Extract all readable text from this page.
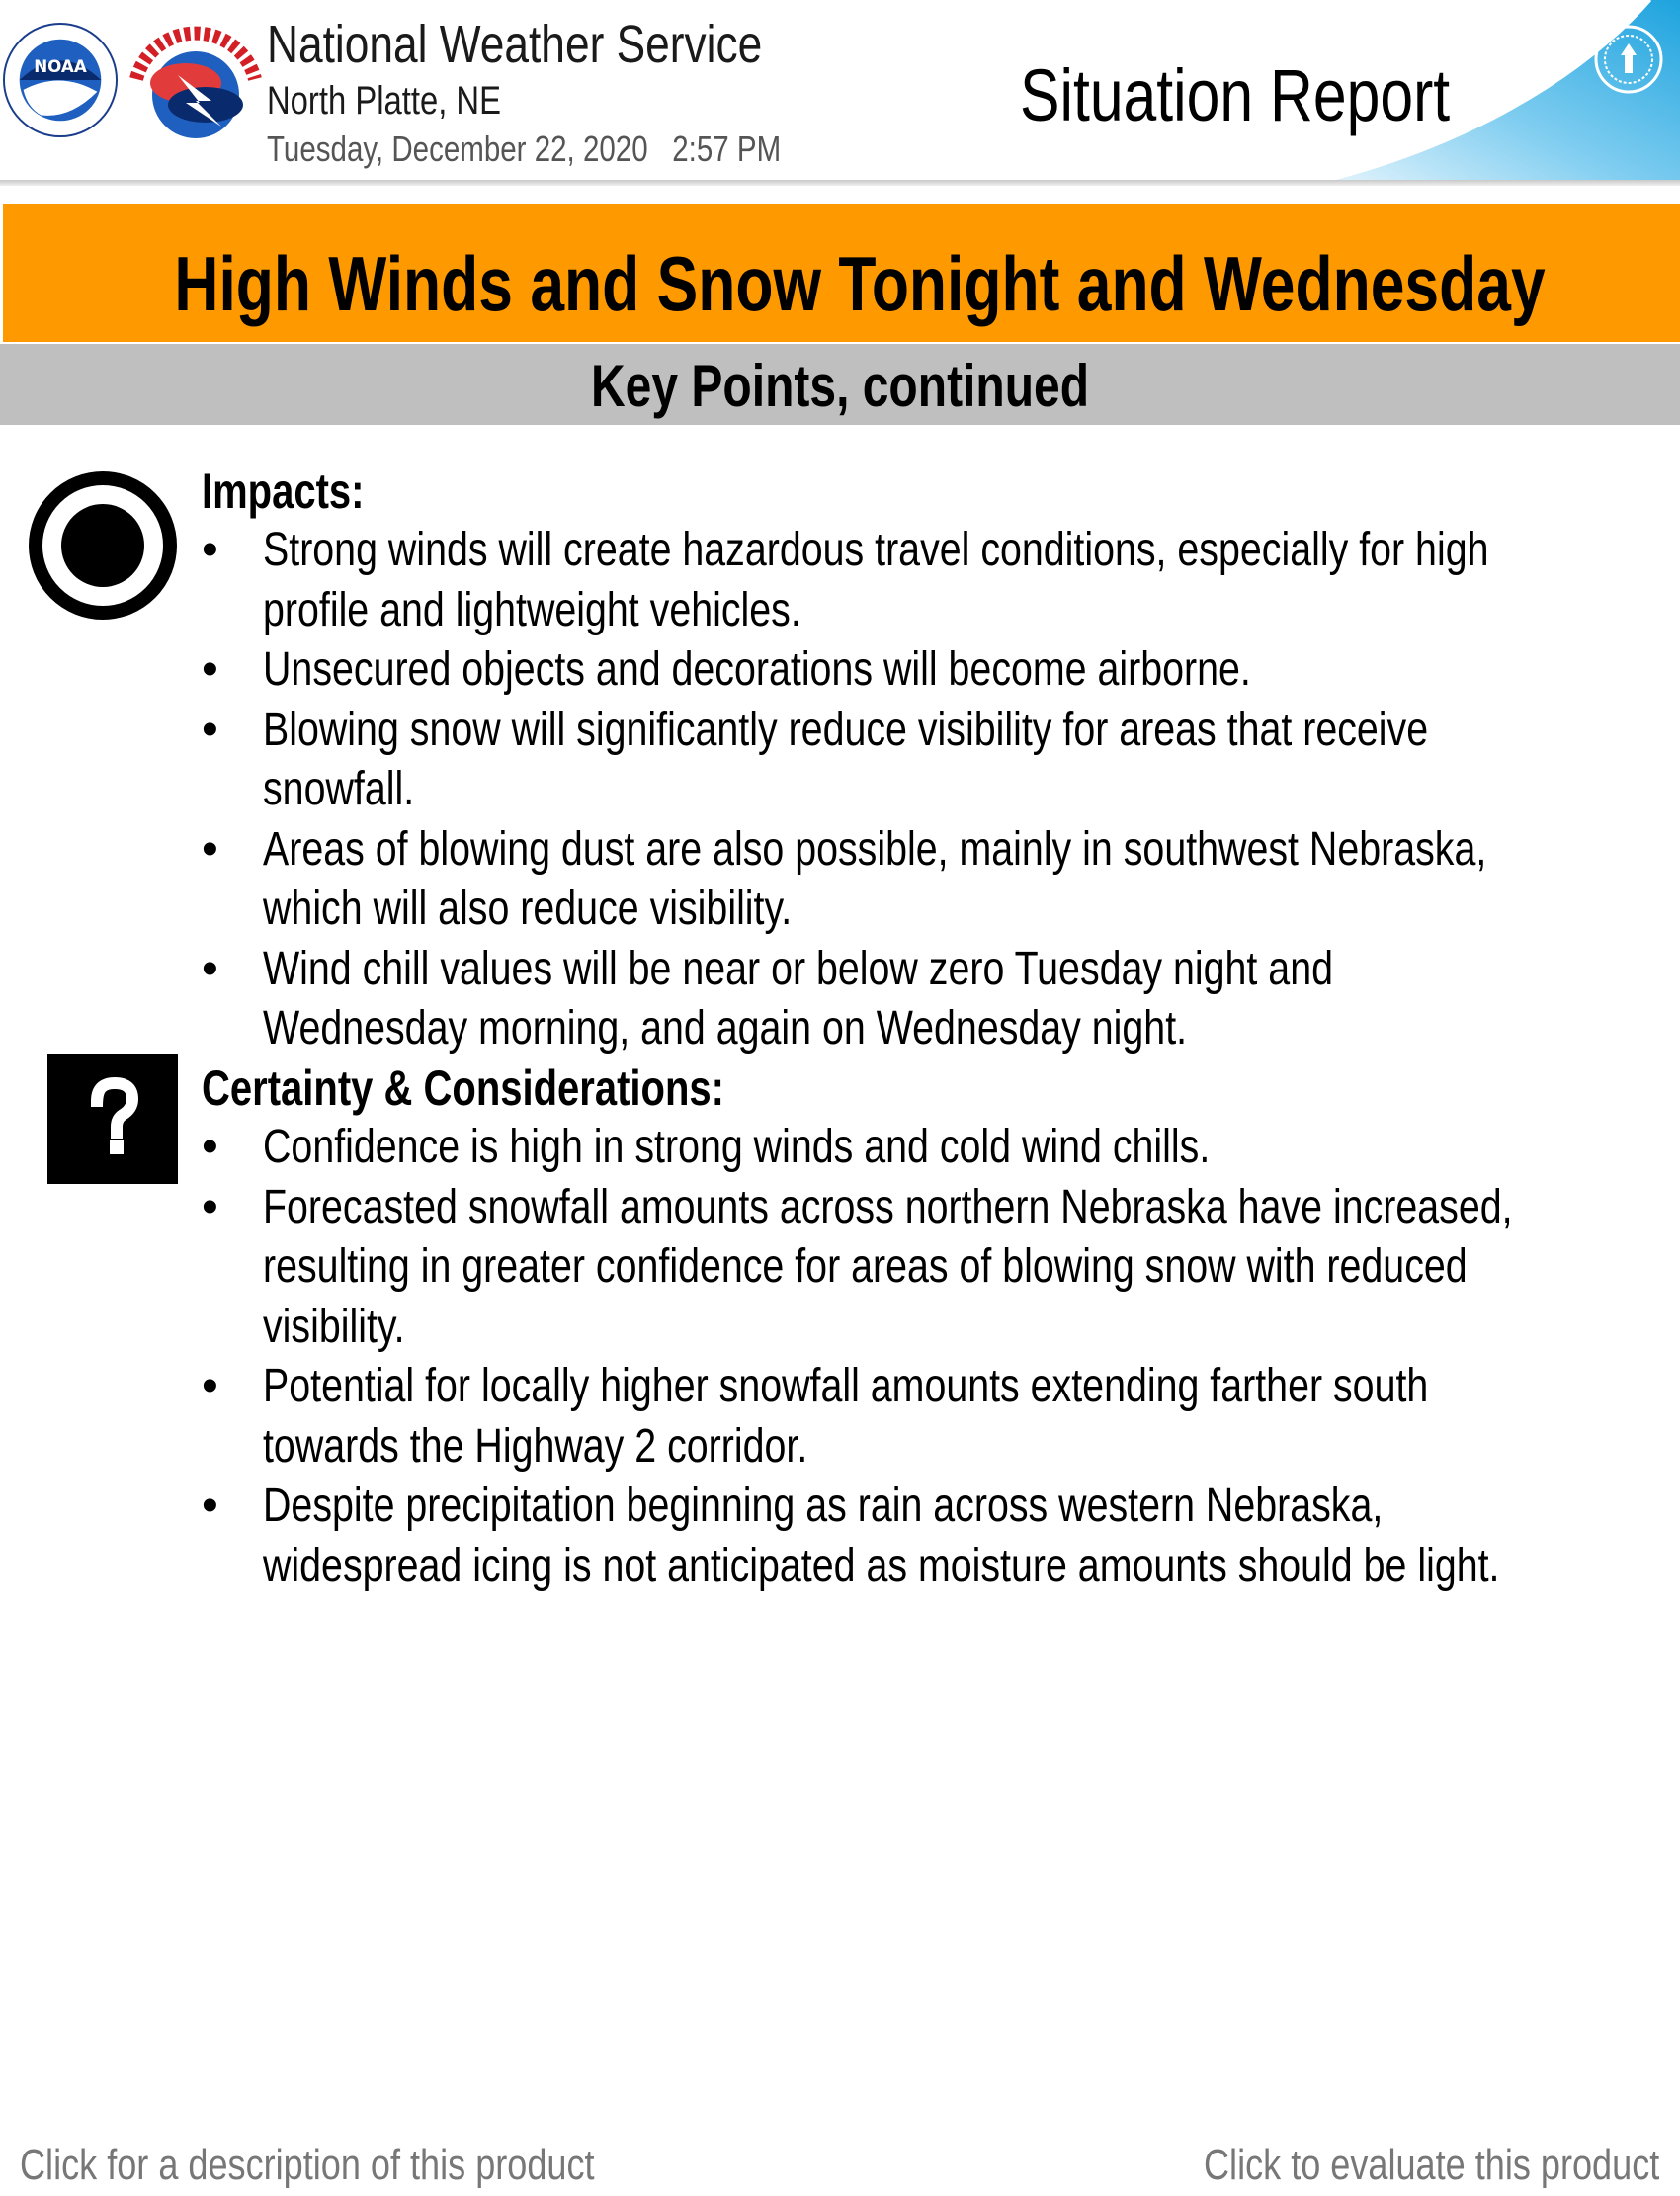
NOAA	National Weather Service
North Platte, NE
Tuesday, December 22, 2020   2:57 PM
Situation Report
High Winds and Snow Tonight and Wednesday
Key Points, continued
Impacts:
• Strong winds will create hazardous travel conditions, especially for high profile and lightweight vehicles.
• Unsecured objects and decorations will become airborne.
• Blowing snow will significantly reduce visibility for areas that receive snowfall.
• Areas of blowing dust are also possible, mainly in southwest Nebraska, which will also reduce visibility.
• Wind chill values will be near or below zero Tuesday night and Wednesday morning, and again on Wednesday night.
Certainty & Considerations:
• Confidence is high in strong winds and cold wind chills.
• Forecasted snowfall amounts across northern Nebraska have increased, resulting in greater confidence for areas of blowing snow with reduced visibility.
• Potential for locally higher snowfall amounts extending farther south towards the Highway 2 corridor.
• Despite precipitation beginning as rain across western Nebraska, widespread icing is not anticipated as moisture amounts should be light.
Click for a description of this product	Click to evaluate this product
